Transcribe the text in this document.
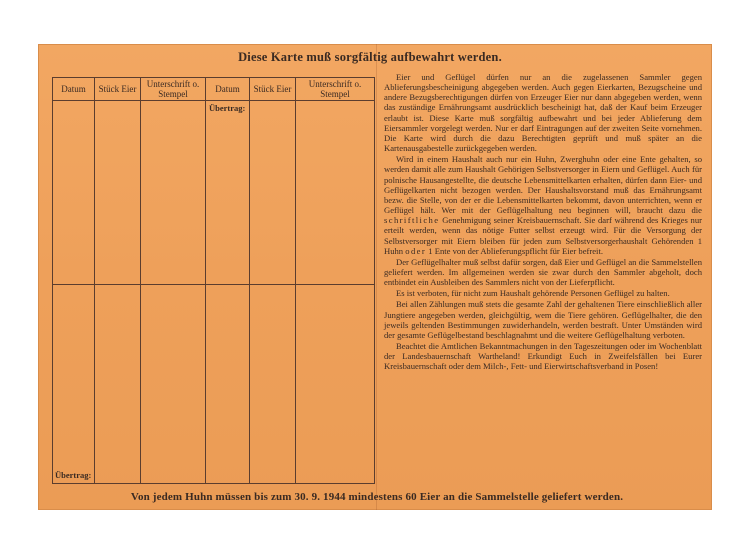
Diese Karte muß sorgfältig aufbewahrt werden.
Datum	Stück Eier	Unterschrift o. Stempel	Datum	Stück Eier	Unterschrift o. Stempel
			Übertrag:		
Übertrag:					

Eier und Geflügel dürfen nur an die zugelassenen Sammler gegen Ablieferungsbescheinigung abgegeben werden. Auch gegen Eierkarten, Bezugscheine und andere Bezugsberechtigungen dürfen von Erzeuger Eier nur dann abgegeben werden, wenn das zuständige Ernährungsamt ausdrücklich bescheinigt hat, daß der Kauf beim Erzeuger erlaubt ist. Diese Karte muß sorgfältig aufbewahrt und bei jeder Ablieferung dem Eiersammler vorgelegt werden. Nur er darf Eintragungen auf der zweiten Seite vornehmen. Die Karte wird durch die dazu Berechtigten geprüft und muß später an die Kartenausgabestelle zurückgegeben werden.

Wird in einem Haushalt auch nur ein Huhn, Zwerghuhn oder eine Ente gehalten, so werden damit alle zum Haushalt Gehörigen Selbstversorger in Eiern und Geflügel. Auch für polnische Hausangestellte, die deutsche Lebensmittelkarten erhalten, dürfen dann Eier- und Geflügelkarten nicht bezogen werden. Der Haushaltsvorstand muß das Ernährungsamt bezw. die Stelle, von der er die Lebensmittelkarten bekommt, davon unterrichten, wenn er Geflügel hält. Wer mit der Geflügelhaltung neu beginnen will, braucht dazu die schriftliche Genehmigung seiner Kreisbauernschaft. Sie darf während des Krieges nur erteilt werden, wenn das nötige Futter selbst erzeugt wird. Für die Versorgung der Selbstversorger mit Eiern bleiben für jeden zum Selbstversorgerhaushalt Gehörenden 1 Huhn oder 1 Ente von der Ablieferungspflicht für Eier befreit.

Der Geflügelhalter muß selbst dafür sorgen, daß Eier und Geflügel an die Sammelstellen geliefert werden. Im allgemeinen werden sie zwar durch den Sammler abgeholt, doch entbindet ein Ausbleiben des Sammlers nicht von der Lieferpflicht.

Es ist verboten, für nicht zum Haushalt gehörende Personen Geflügel zu halten.

Bei allen Zählungen muß stets die gesamte Zahl der gehaltenen Tiere einschließlich aller Jungtiere angegeben werden, gleichgültig, wem die Tiere gehören. Geflügelhalter, die den jeweils geltenden Bestimmungen zuwiderhandeln, werden bestraft. Unter Umständen wird der gesamte Geflügelbestand beschlagnahmt und die weitere Geflügelhaltung verboten.

Beachtet die Amtlichen Bekanntmachungen in den Tageszeitungen oder im Wochenblatt der Landesbauernschaft Wartheland! Erkundigt Euch in Zweifelsfällen bei Eurer Kreisbauernschaft oder dem Milch-, Fett- und Eierwirtschaftsverband in Posen!

Von jedem Huhn müssen bis zum 30. 9. 1944 mindestens 60 Eier an die Sammelstelle geliefert werden.
